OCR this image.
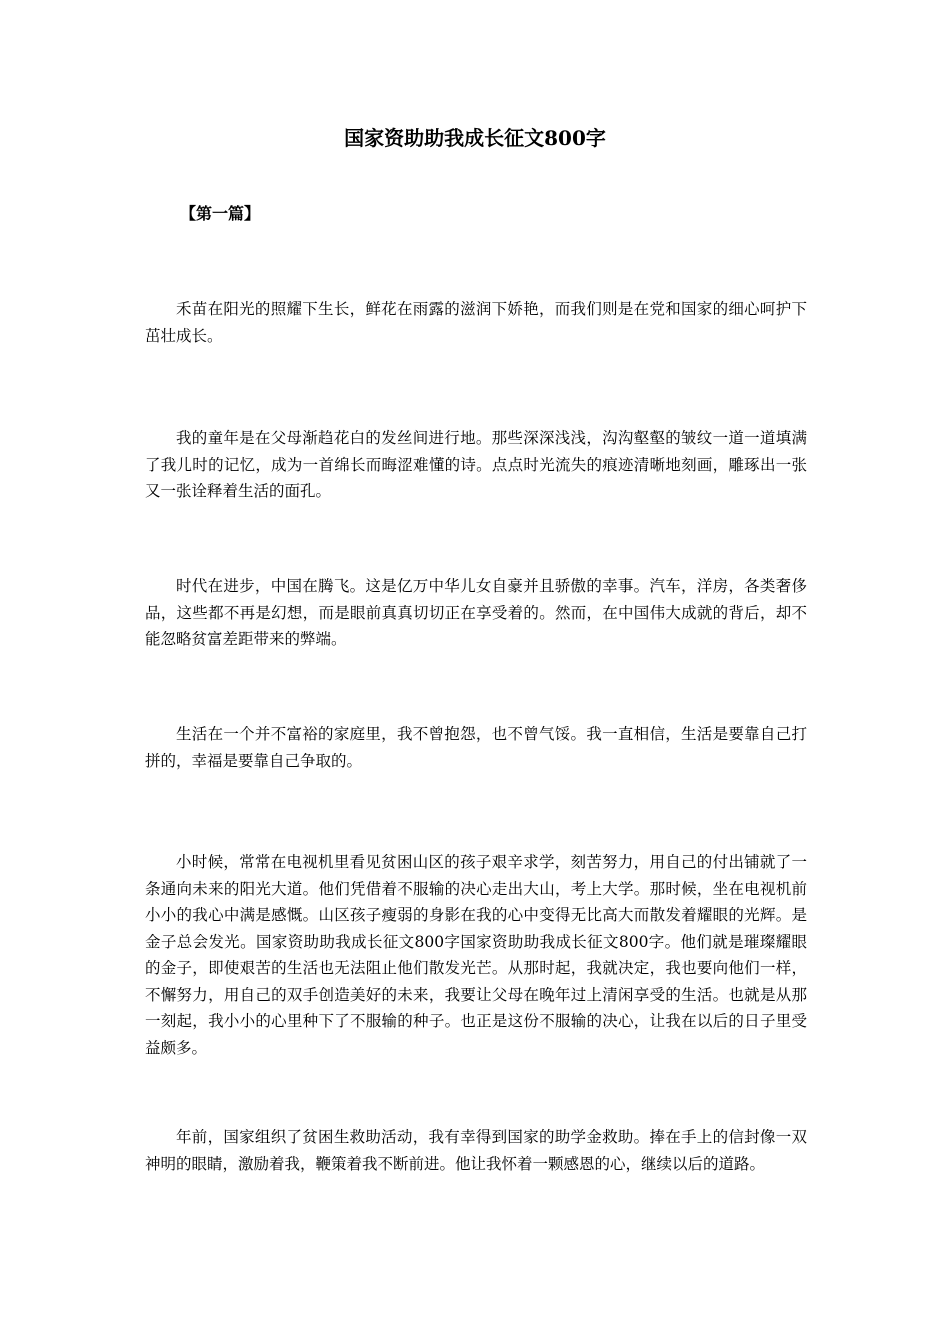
国家资助助我成长征文800字

【第一篇】

禾苗在阳光的照耀下生长，鲜花在雨露的滋润下娇艳，而我们则是在党和国家的细心呵护下茁壮成长。

我的童年是在父母渐趋花白的发丝间进行地。那些深深浅浅，沟沟壑壑的皱纹一道一道填满了我儿时的记忆，成为一首绵长而晦涩难懂的诗。点点时光流失的痕迹清晰地刻画，雕琢出一张又一张诠释着生活的面孔。

时代在进步，中国在腾飞。这是亿万中华儿女自豪并且骄傲的幸事。汽车，洋房，各类奢侈品，这些都不再是幻想，而是眼前真真切切正在享受着的。然而，在中国伟大成就的背后，却不能忽略贫富差距带来的弊端。

生活在一个并不富裕的家庭里，我不曾抱怨，也不曾气馁。我一直相信，生活是要靠自己打拼的，幸福是要靠自己争取的。

小时候，常常在电视机里看见贫困山区的孩子艰辛求学，刻苦努力，用自己的付出铺就了一条通向未来的阳光大道。他们凭借着不服输的决心走出大山，考上大学。那时候，坐在电视机前小小的我心中满是感慨。山区孩子瘦弱的身影在我的心中变得无比高大而散发着耀眼的光辉。是金子总会发光。国家资助助我成长征文800字国家资助助我成长征文800字。他们就是璀璨耀眼的金子，即使艰苦的生活也无法阻止他们散发光芒。从那时起，我就决定，我也要向他们一样，不懈努力，用自己的双手创造美好的未来，我要让父母在晚年过上清闲享受的生活。也就是从那一刻起，我小小的心里种下了不服输的种子。也正是这份不服输的决心，让我在以后的日子里受益颇多。

年前，国家组织了贫困生救助活动，我有幸得到国家的助学金救助。捧在手上的信封像一双神明的眼睛，激励着我，鞭策着我不断前进。他让我怀着一颗感恩的心，继续以后的道路。
